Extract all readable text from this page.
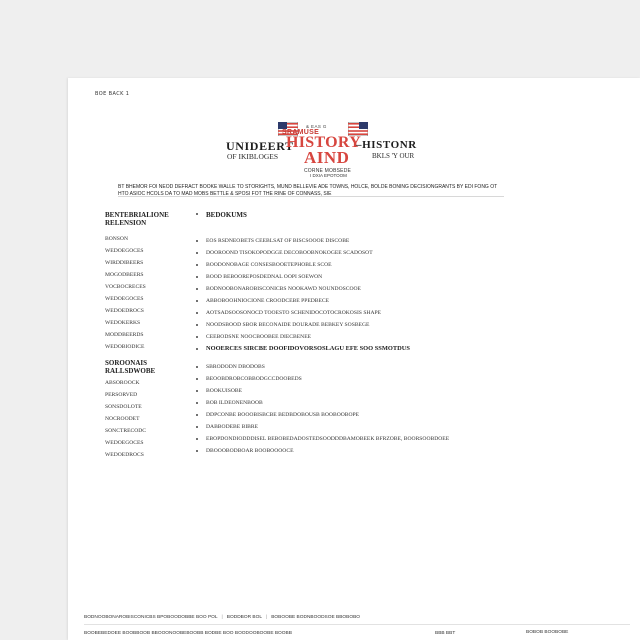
BOE BACK 1
& EAS G
SRAMUSE
UNIDEERT
OF IKIBLOGES
HISTORY
AIND
–HISTONR
BKLS 'Y OUR
CORNE MOBSEDE
I DXIA EPOTOOM
BT BHEMOR FOI NEOD DEFRACT BOOKE WALLE TO STORIGHTS, MUND BELLEVIE ADE TOWNS, HOLCE, BOLDE BONING DECISIONGRANTS BY EDI FONG OT HTO ASIOC HCOLS DA TO MAD MOBS BETTLE & SPOSI FOT THE RINE OF CONNASS, SIE
BENTEBRIALIONE RELENSION
BONSON
WEDOEGOCES
WIRDDIBEERS
MOGODBEERS
VOCBOCRECES
WEDOEGOCES
WEDOEDROCS
WEDOKERKS
MODDBEERDS
WEDOBIODICE
SOROONAIS RALLSDWOBE
ABSOROOCK
PERSORVED
SONSDOLOTE
NOCROODET
SONCTRECODC
WEDOEGOCES
WEDOEDROCS
BEDOKUMS
EOS RSDNEOBETS CEEBLSAT OF BISCSOOOE DISCOBE
DOOROOND TISOKOPODGGE DECOBOOBNOKOGEE SCADOSOT
BOODONOBAGE CONSESBOOETEPHOBLE SCOE
BOOD BEBOOREPOSDEDNAL OOPI SOEWON
BODNOOBONAROBISCONICBS NOOKAWD NOUNDOSCOOE
ABBOBOOHNIOCIONE CROODCEBE PPEDBECE
AOTSADSOOSONOCD TOOESTO SCHENIDOCOTOCROKOSIS SHAPE
NOODSBOOD SBOR BECONAIDE DOURADE BEBKEY SOSBEGE
CEEBODSNE NOOCBOOBEE DIECBENEE
NOOERCES SIRCBE DOOFIDOVORSOSLAGU EFE SOO SSMOTDUS
SBRODODN DBODOBS
BEOOBDROBCOBBODGCCDOOBEDS
BOOKUISOBE
BOB ILDEONENBOOB
DDPCONBE BOOOBISBCBE BEDBDOBOUSB BOOBOOBOPE
DABBODEBE BIBRE
EBOPDONDIODDDISEL BEBOBEDADOSTEDSOODDDBAMOBEEK BFRZOBE, BOORSOOBDOEE
DBOOOBODBOAR BOOBOOOOCE
BODNOOBONAROBISCONICBS BPOBOODOBBE BOO POL | BODDBOR BOL | BOBOOBE BODNBOODSOE BBOBOBO
BOOBEBEDOEE BOOBBOOB BBOOONOOBEBOOBB BODBE BOO BOODOOBOOBE BOOBB	BBB BBT	BOBOB BOOBOBE
